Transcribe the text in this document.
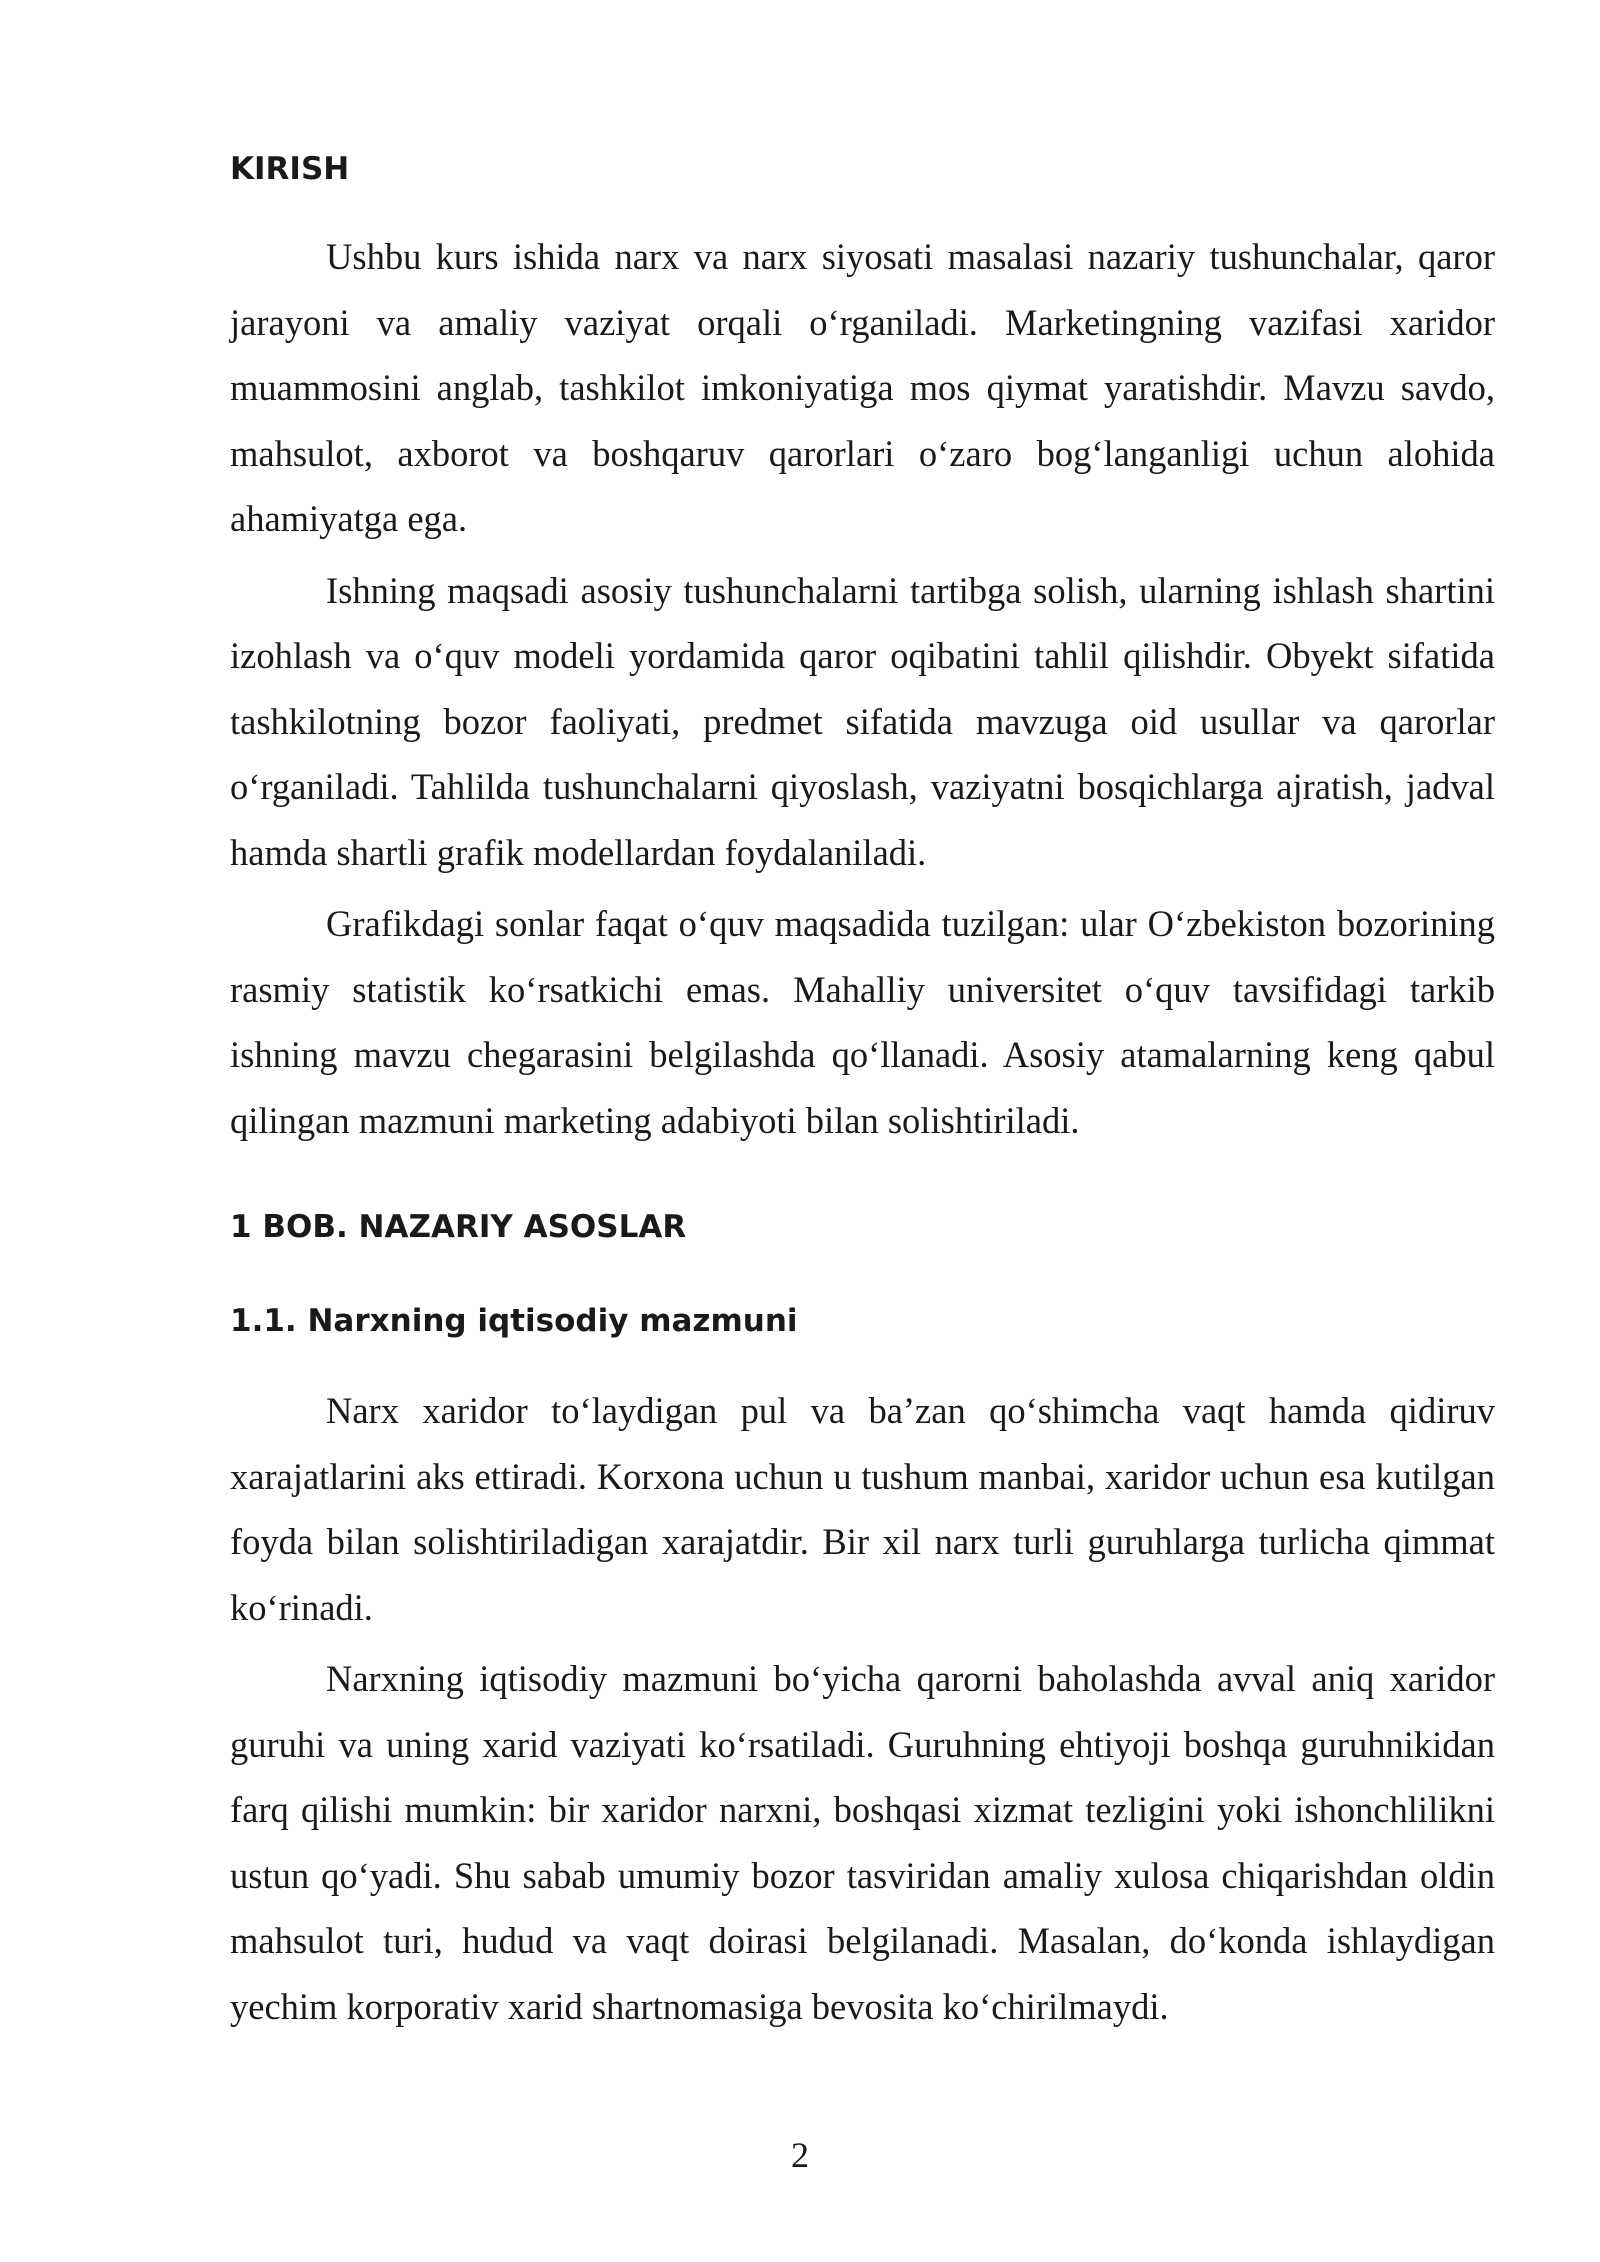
KIRISH

Ushbu kurs ishida narx va narx siyosati masalasi nazariy tushunchalar, qaror jarayoni va amaliy vaziyat orqali o‘rganiladi. Marketingning vazifasi xaridor muammosini anglab, tashkilot imkoniyatiga mos qiymat yaratishdir. Mavzu savdo, mahsulot, axborot va boshqaruv qarorlari o‘zaro bog‘langanligi uchun alohida ahamiyatga ega.

Ishning maqsadi asosiy tushunchalarni tartibga solish, ularning ishlash shartini izohlash va o‘quv modeli yordamida qaror oqibatini tahlil qilishdir. Obyekt sifatida tashkilotning bozor faoliyati, predmet sifatida mavzuga oid usullar va qarorlar o‘rganiladi. Tahlilda tushunchalarni qiyoslash, vaziyatni bosqichlarga ajratish, jadval hamda shartli grafik modellardan foydalaniladi.

Grafikdagi sonlar faqat o‘quv maqsadida tuzilgan: ular O‘zbekiston bozorining rasmiy statistik ko‘rsatkichi emas. Mahalliy universitet o‘quv tavsifidagi tarkib ishning mavzu chegarasini belgilashda qo‘llanadi. Asosiy atamalarning keng qabul qilingan mazmuni marketing adabiyoti bilan solishtiriladi.

1 BOB. NAZARIY ASOSLAR
1.1. Narxning iqtisodiy mazmuni

Narx xaridor to‘laydigan pul va ba’zan qo‘shimcha vaqt hamda qidiruv xarajatlarini aks ettiradi. Korxona uchun u tushum manbai, xaridor uchun esa kutilgan foyda bilan solishtiriladigan xarajatdir. Bir xil narx turli guruhlarga turlicha qimmat ko‘rinadi.

Narxning iqtisodiy mazmuni bo‘yicha qarorni baholashda avval aniq xaridor guruhi va uning xarid vaziyati ko‘rsatiladi. Guruhning ehtiyoji boshqa guruhnikidan farq qilishi mumkin: bir xaridor narxni, boshqasi xizmat tezligini yoki ishonchlilikni ustun qo‘yadi. Shu sabab umumiy bozor tasviridan amaliy xulosa chiqarishdan oldin mahsulot turi, hudud va vaqt doirasi belgilanadi. Masalan, do‘konda ishlaydigan yechim korporativ xarid shartnomasiga bevosita ko‘chirilmaydi.

2
